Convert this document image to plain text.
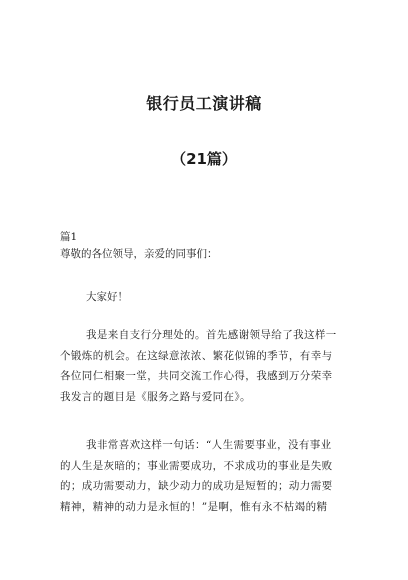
银行员工演讲稿
（21篇）
篇1
尊敬的各位领导，亲爱的同事们：
大家好！
我是来自支行分理处的。首先感谢领导给了我这样一
个锻炼的机会。在这绿意浓浓、繁花似锦的季节，有幸与
各位同仁相聚一堂，共同交流工作心得，我感到万分荣幸
我发言的题目是《服务之路与爱同在》。
我非常喜欢这样一句话：“人生需要事业，没有事业
的人生是灰暗的；事业需要成功，不求成功的事业是失败
的；成功需要动力，缺少动力的成功是短暂的；动力需要
精神，精神的动力是永恒的！”是啊，惟有永不枯竭的精
